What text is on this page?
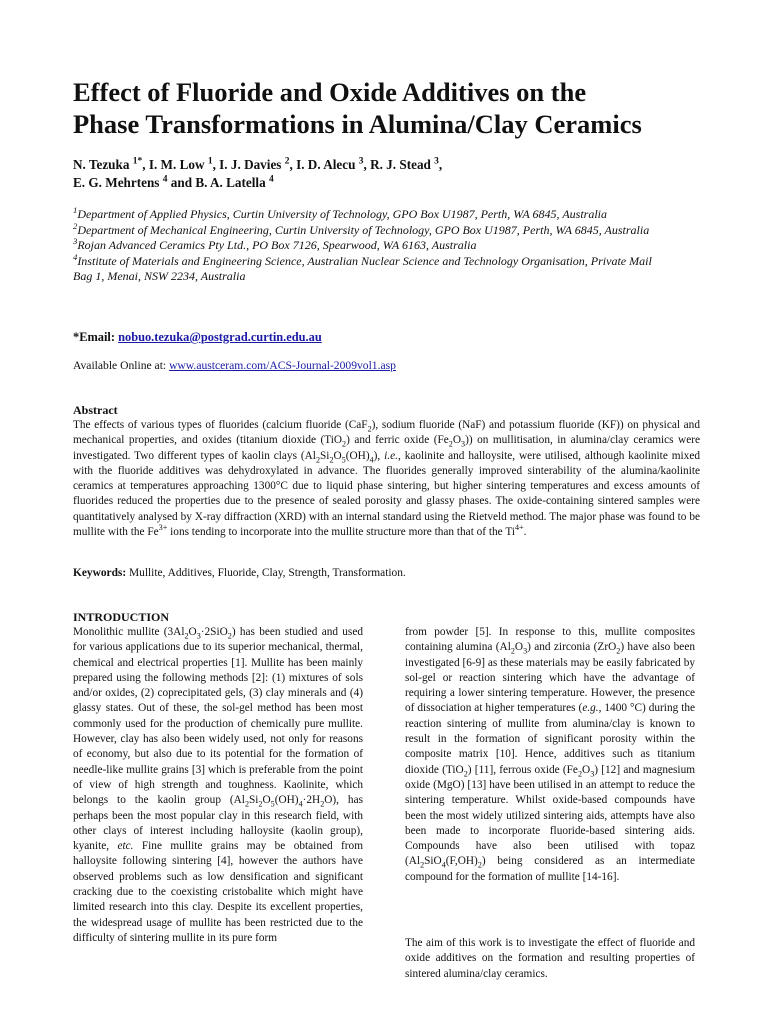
Effect of Fluoride and Oxide Additives on the
Phase Transformations in Alumina/Clay Ceramics
N. Tezuka $^{1*}$, I. M. Low $^1$, I. J. Davies $^2$, I. D. Alecu $^3$, R. J. Stead $^3$,
E. G. Mehrtens $^4$ and B. A. Latella $^4$
$^1$Department of Applied Physics, Curtin University of Technology, GPO Box U1987, Perth, WA 6845, Australia
$^2$Department of Mechanical Engineering, Curtin University of Technology, GPO Box U1987, Perth, WA 6845, Australia
$^3$Rojan Advanced Ceramics Pty Ltd., PO Box 7126, Spearwood, WA 6163, Australia
$^4$Institute of Materials and Engineering Science, Australian Nuclear Science and Technology Organisation, Private Mail Bag 1, Menai, NSW 2234, Australia
*Email: nobuo.tezuka@postgrad.curtin.edu.au
Available Online at: www.austceram.com/ACS-Journal-2009vol1.asp
Abstract

The effects of various types of fluorides (calcium fluoride (CaF$_2$), sodium fluoride (NaF) and potassium fluoride (KF)) on physical and mechanical properties, and oxides (titanium dioxide (TiO$_2$) and ferric oxide $(Fe_2O_3)$) on mullitisation, in alumina/clay ceramics were investigated. Two different types of kaolin clays $(Al_2Si_2O_5(OH)_4)$, i.e., kaolinite and halloysite, were utilised, although kaolinite mixed with the fluoride additives was dehydroxylated in advance. The fluorides generally improved sinterability of the alumina/kaolinite ceramics at temperatures approaching 1300°C due to liquid phase sintering, but higher sintering temperatures and excess amounts of fluorides reduced the properties due to the presence of sealed porosity and glassy phases. The oxide-containing sintered samples were quantitatively analysed by X-ray diffraction (XRD) with an internal standard using the Rietveld method. The major phase was found to be mullite with the $Fe^{3+}$ ions tending to incorporate into the mullite structure more than that of the $Ti^{4+}$.

Keywords: Mullite, Additives, Fluoride, Clay, Strength, Transformation.
INTRODUCTION

Monolithic mullite $(3Al_2O_3\cdot 2SiO_2)$ has been studied and used for various applications due to its superior mechanical, thermal, chemical and electrical properties [1]. Mullite has been mainly prepared using the following methods [2]: (1) mixtures of sols and/or oxides, (2) coprecipitated gels, (3) clay minerals and (4) glassy states. Out of these, the sol-gel method has been most commonly used for the production of chemically pure mullite. However, clay has also been widely used, not only for reasons of economy, but also due to its potential for the formation of needle-like mullite grains [3] which is preferable from the point of view of high strength and toughness. Kaolinite, which belongs to the kaolin group $(Al_2Si_2O_5(OH)_4\cdot 2H_2O)$, has perhaps been the most popular clay in this research field, with other clays of interest including halloysite (kaolin group), kyanite, etc. Fine mullite grains may be obtained from halloysite following sintering [4], however the authors have observed problems such as low densification and significant cracking due to the coexisting cristobalite which might have limited research into this clay. Despite its excellent properties, the widespread usage of mullite has been restricted due to the difficulty of sintering mullite in its pure form

from powder [5]. In response to this, mullite composites containing alumina $(Al_2O_3)$ and zirconia (ZrO$_2$) have also been investigated [6-9] as these materials may be easily fabricated by sol-gel or reaction sintering which have the advantage of requiring a lower sintering temperature. However, the presence of dissociation at higher temperatures (e.g., 1400 °C) during the reaction sintering of mullite from alumina/clay is known to result in the formation of significant porosity within the composite matrix [10]. Hence, additives such as titanium dioxide (TiO$_2$) [11], ferrous oxide $(Fe_2O_3)$ [12] and magnesium oxide (MgO) [13] have been utilised in an attempt to reduce the sintering temperature. Whilst oxide-based compounds have been the most widely utilized sintering aids, attempts have also been made to incorporate fluoride-based sintering aids. Compounds have also been utilised with topaz $(Al_2SiO_4(F,OH)_2)$ being considered as an intermediate compound for the formation of mullite [14-16].

The aim of this work is to investigate the effect of fluoride and oxide additives on the formation and resulting properties of sintered alumina/clay ceramics.
